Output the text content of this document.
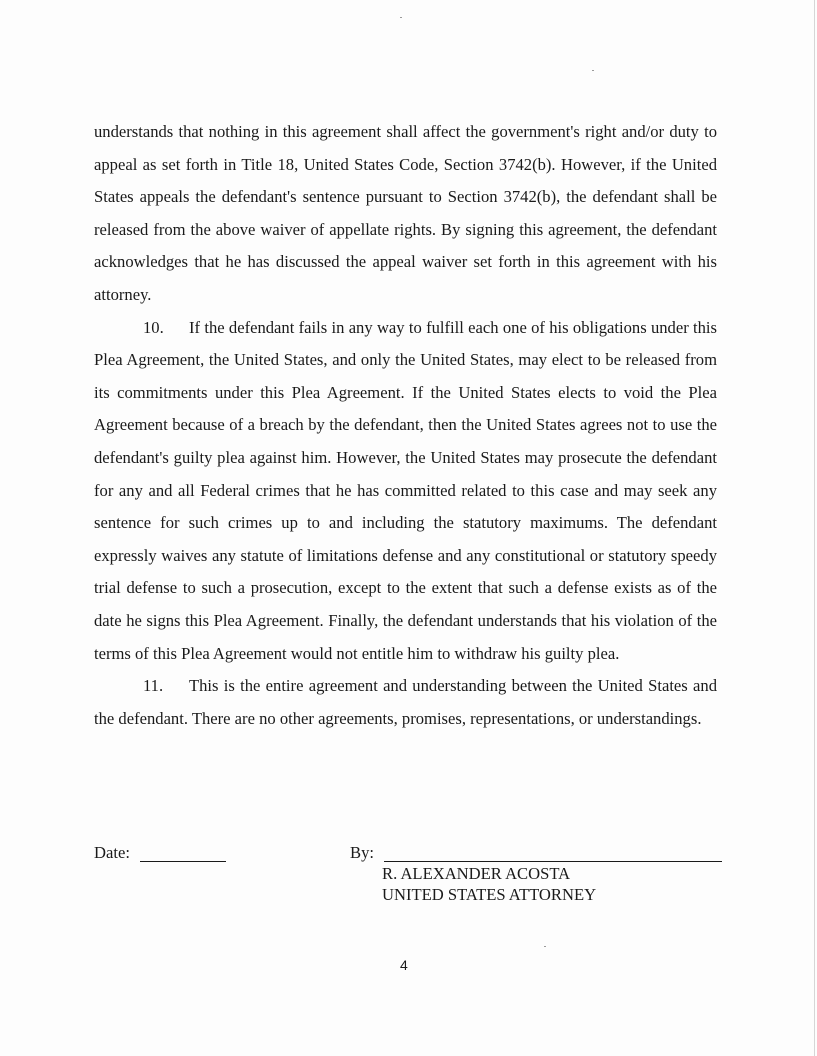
understands that nothing in this agreement shall affect the government's right and/or duty to appeal as set forth in Title 18, United States Code, Section 3742(b). However, if the United States appeals the defendant's sentence pursuant to Section 3742(b), the defendant shall be released from the above waiver of appellate rights. By signing this agreement, the defendant acknowledges that he has discussed the appeal waiver set forth in this agreement with his attorney.

10. If the defendant fails in any way to fulfill each one of his obligations under this Plea Agreement, the United States, and only the United States, may elect to be released from its commitments under this Plea Agreement. If the United States elects to void the Plea Agreement because of a breach by the defendant, then the United States agrees not to use the defendant's guilty plea against him. However, the United States may prosecute the defendant for any and all Federal crimes that he has committed related to this case and may seek any sentence for such crimes up to and including the statutory maximums. The defendant expressly waives any statute of limitations defense and any constitutional or statutory speedy trial defense to such a prosecution, except to the extent that such a defense exists as of the date he signs this Plea Agreement. Finally, the defendant understands that his violation of the terms of this Plea Agreement would not entitle him to withdraw his guilty plea.

11. This is the entire agreement and understanding between the United States and the defendant. There are no other agreements, promises, representations, or understandings.

Date:	By:
R. ALEXANDER ACOSTA
UNITED STATES ATTORNEY
4
